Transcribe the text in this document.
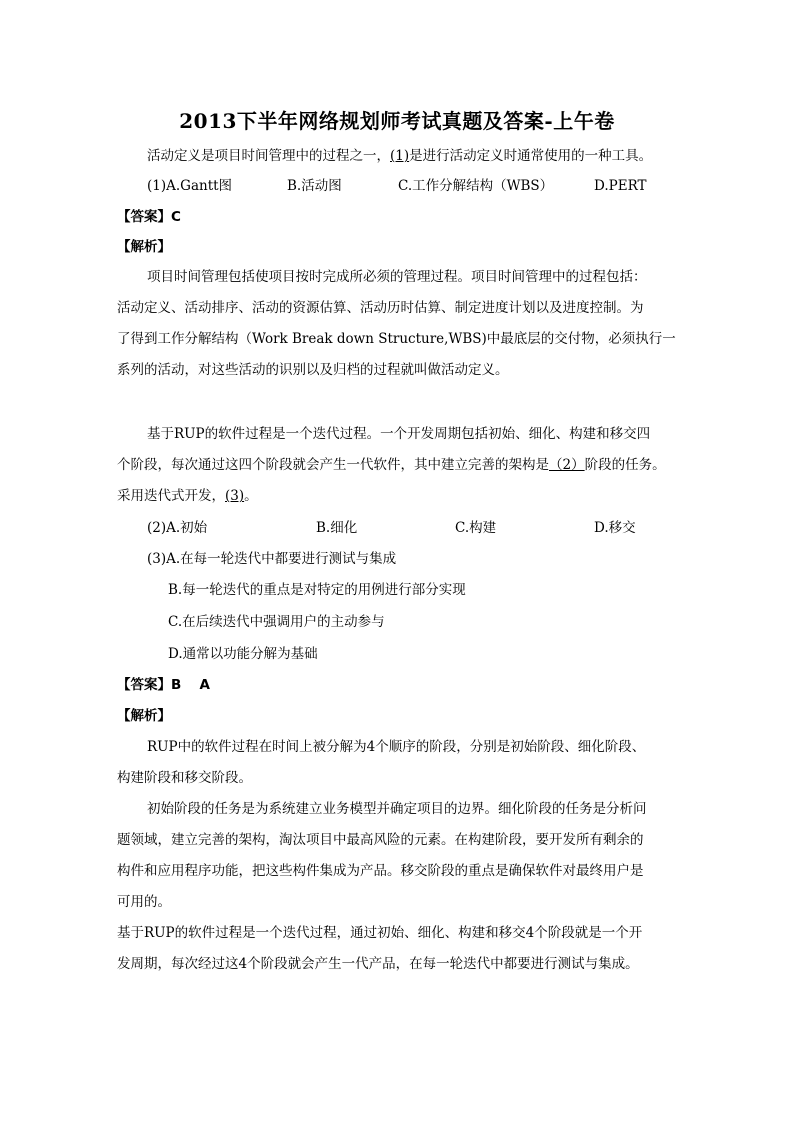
2013下半年网络规划师考试真题及答案-上午卷
活动定义是项目时间管理中的过程之一，(1)是进行活动定义时通常使用的一种工具。
(1)A.Gantt图	B.活动图	C.工作分解结构（WBS）	D.PERT
【答案】C
【解析】
项目时间管理包括使项目按时完成所必须的管理过程。项目时间管理中的过程包括：
活动定义、活动排序、活动的资源估算、活动历时估算、制定进度计划以及进度控制。为
了得到工作分解结构（Work Break down Structure,WBS)中最底层的交付物，必须执行一
系列的活动，对这些活动的识别以及归档的过程就叫做活动定义。
基于RUP的软件过程是一个迭代过程。一个开发周期包括初始、细化、构建和移交四
个阶段，每次通过这四个阶段就会产生一代软件，其中建立完善的架构是（2）阶段的任务。
采用迭代式开发，(3)。
(2)A.初始	B.细化	C.构建	D.移交
(3)A.在每一轮迭代中都要进行测试与集成
B.每一轮迭代的重点是对特定的用例进行部分实现
C.在后续迭代中强调用户的主动参与
D.通常以功能分解为基础
【答案】B　 A
【解析】
RUP中的软件过程在时间上被分解为4个顺序的阶段，分别是初始阶段、细化阶段、
构建阶段和移交阶段。
初始阶段的任务是为系统建立业务模型并确定项目的边界。细化阶段的任务是分析问
题领域，建立完善的架构，淘汰项目中最高风险的元素。在构建阶段，要开发所有剩余的
构件和应用程序功能，把这些构件集成为产品。移交阶段的重点是确保软件对最终用户是
可用的。
基于RUP的软件过程是一个迭代过程，通过初始、细化、构建和移交4个阶段就是一个开
发周期，每次经过这4个阶段就会产生一代产品，在每一轮迭代中都要进行测试与集成。
